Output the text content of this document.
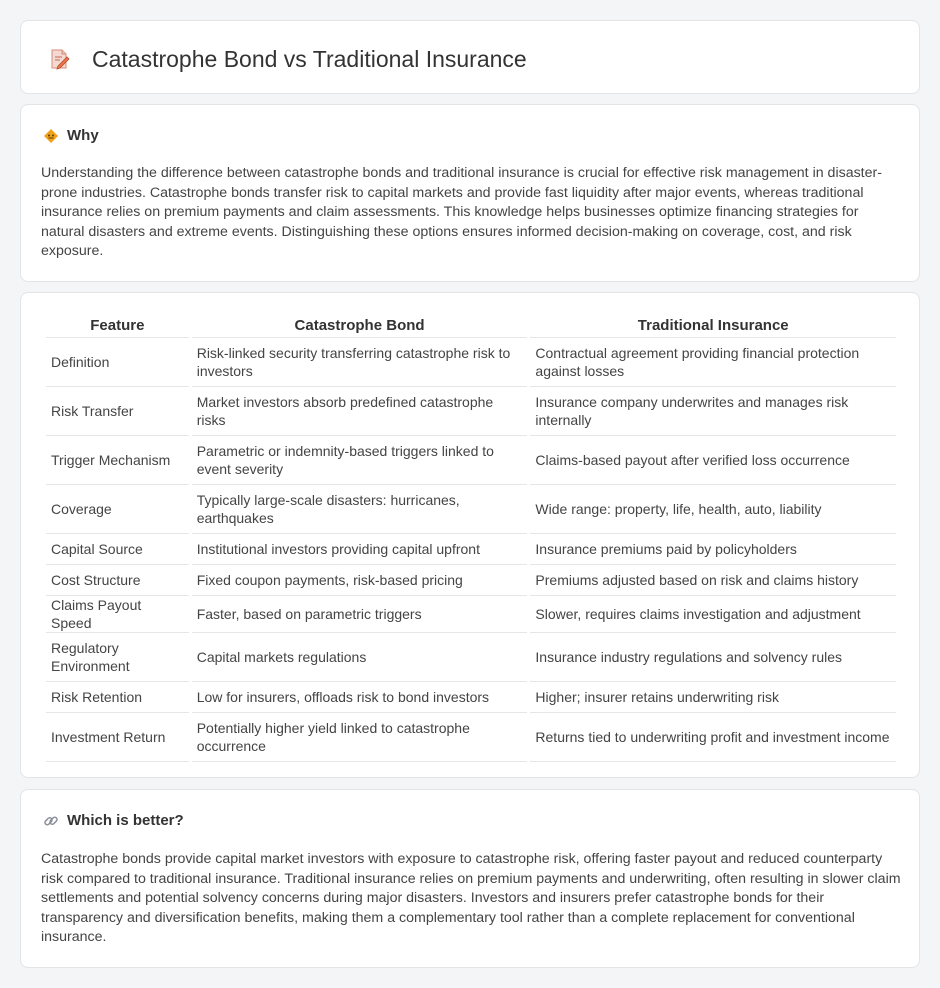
Catastrophe Bond vs Traditional Insurance
Why

Understanding the difference between catastrophe bonds and traditional insurance is crucial for effective risk management in disaster-prone industries. Catastrophe bonds transfer risk to capital markets and provide fast liquidity after major events, whereas traditional insurance relies on premium payments and claim assessments. This knowledge helps businesses optimize financing strategies for natural disasters and extreme events. Distinguishing these options ensures informed decision-making on coverage, cost, and risk exposure.

Feature	Catastrophe Bond	Traditional Insurance
Definition	Risk-linked security transferring catastrophe risk to investors	Contractual agreement providing financial protection against losses
Risk Transfer	Market investors absorb predefined catastrophe risks	Insurance company underwrites and manages risk internally
Trigger Mechanism	Parametric or indemnity-based triggers linked to event severity	Claims-based payout after verified loss occurrence
Coverage	Typically large-scale disasters: hurricanes, earthquakes	Wide range: property, life, health, auto, liability
Capital Source	Institutional investors providing capital upfront	Insurance premiums paid by policyholders
Cost Structure	Fixed coupon payments, risk-based pricing	Premiums adjusted based on risk and claims history
Claims Payout Speed	Faster, based on parametric triggers	Slower, requires claims investigation and adjustment
Regulatory Environment	Capital markets regulations	Insurance industry regulations and solvency rules
Risk Retention	Low for insurers, offloads risk to bond investors	Higher; insurer retains underwriting risk
Investment Return	Potentially higher yield linked to catastrophe occurrence	Returns tied to underwriting profit and investment income
Which is better?

Catastrophe bonds provide capital market investors with exposure to catastrophe risk, offering faster payout and reduced counterparty risk compared to traditional insurance. Traditional insurance relies on premium payments and underwriting, often resulting in slower claim settlements and potential solvency concerns during major disasters. Investors and insurers prefer catastrophe bonds for their transparency and diversification benefits, making them a complementary tool rather than a complete replacement for conventional insurance.
